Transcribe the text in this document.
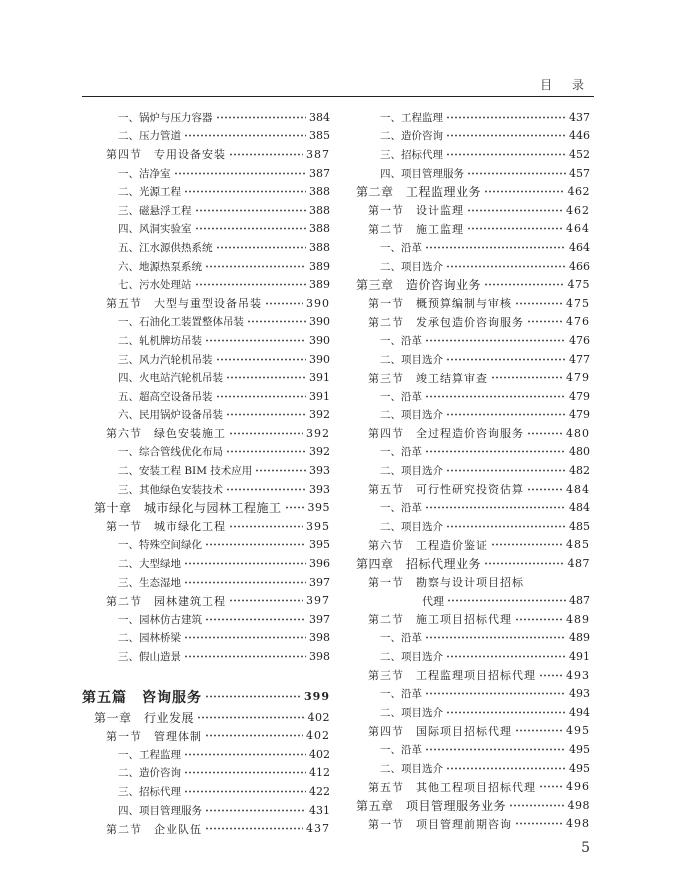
目 录
一、锅炉与压力容器	384
二、压力管道	385
第四节　专用设备安装	387
一、洁净室	387
二、光源工程	388
三、磁悬浮工程	388
四、风洞实验室	388
五、江水源供热系统	388
六、地源热泵系统	389
七、污水处理站	389
第五节　大型与重型设备吊装	390
一、石油化工装置整体吊装	390
二、轧机牌坊吊装	390
三、风力汽轮机吊装	390
四、火电站汽轮机吊装	391
五、超高空设备吊装	391
六、民用锅炉设备吊装	392
第六节　绿色安装施工	392
一、综合管线优化布局	392
二、安装工程 BIM 技术应用	393
三、其他绿色安装技术	393
第十章　城市绿化与园林工程施工 395
第一节　城市绿化工程	395
一、特殊空间绿化	395
二、大型绿地	396
三、生态湿地	397
第二节　园林建筑工程	397
一、园林仿古建筑	397
二、园林桥梁	398
三、假山造景	398
第五篇　咨询服务	399
第一章　行业发展	402
第一节　管理体制	402
一、工程监理	402
二、造价咨询	412
三、招标代理	422
四、项目管理服务	431
第二节　企业队伍	437
一、工程监理	437
二、造价咨询	446
三、招标代理	452
四、项目管理服务	457
第二章　工程监理业务	462
第一节　设计监理	462
第二节　施工监理	464
一、沿革	464
二、项目选介	466
第三章　造价咨询业务	475
第一节　概预算编制与审核	475
第二节　发承包造价咨询服务	476
一、沿革	476
二、项目选介	477
第三节　竣工结算审查	479
一、沿革	479
二、项目选介	479
第四节　全过程造价咨询服务	480
一、沿革	480
二、项目选介	482
第五节　可行性研究投资估算	484
一、沿革	484
二、项目选介	485
第六节　工程造价鉴证	485
第四章　招标代理业务	487
第一节　勘察与设计项目招标
代理	487
第二节　施工项目招标代理	489
一、沿革	489
二、项目选介	491
第三节　工程监理项目招标代理	493
一、沿革	493
二、项目选介	494
第四节　国际项目招标代理	495
一、沿革	495
二、项目选介	495
第五节　其他工程项目招标代理	496
第五章　项目管理服务业务	498
第一节　项目管理前期咨询	498
5
